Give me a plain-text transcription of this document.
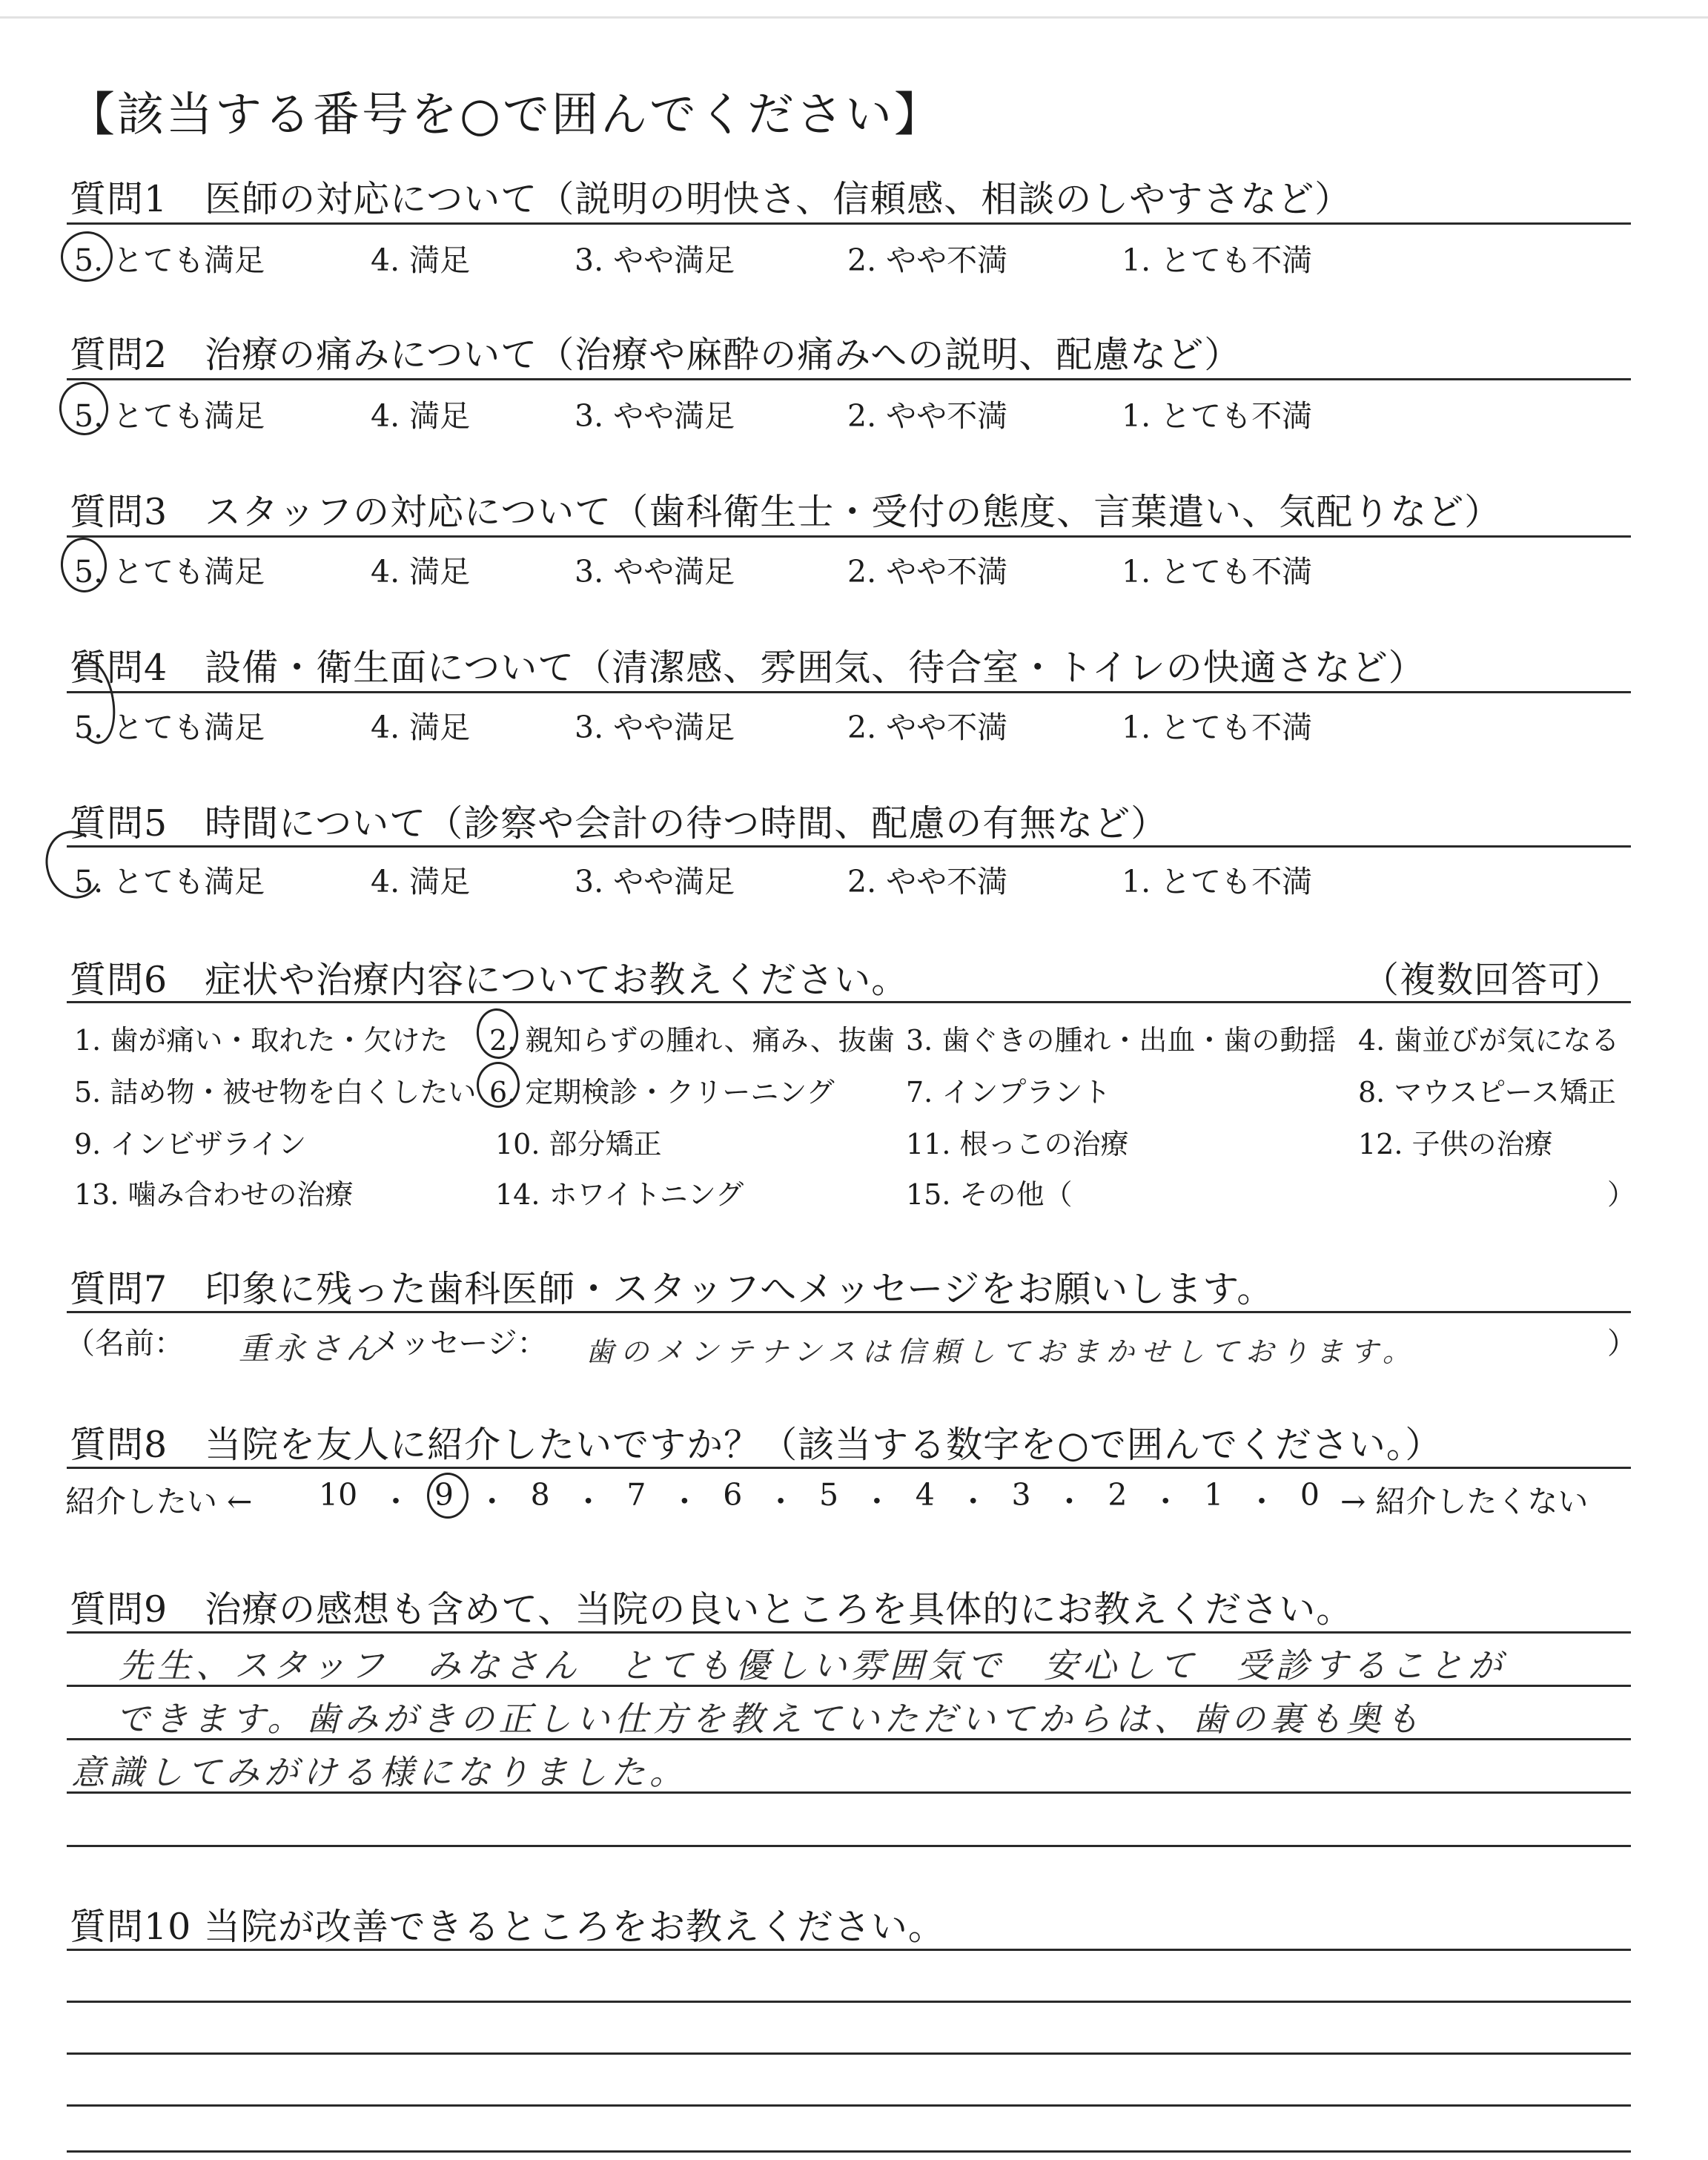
【該当する番号を○で囲んでください】
質問1　医師の対応について（説明の明快さ、信頼感、相談のしやすさなど）
5. とても満足	4. 満足	3. やや満足	2. やや不満	1. とても不満
質問2　治療の痛みについて（治療や麻酔の痛みへの説明、配慮など）
5. とても満足	4. 満足	3. やや満足	2. やや不満	1. とても不満
質問3　スタッフの対応について（歯科衛生士・受付の態度、言葉遣い、気配りなど）
5. とても満足	4. 満足	3. やや満足	2. やや不満	1. とても不満
質問4　設備・衛生面について（清潔感、雰囲気、待合室・トイレの快適さなど）
5. とても満足	4. 満足	3. やや満足	2. やや不満	1. とても不満
質問5　時間について（診察や会計の待つ時間、配慮の有無など）
5. とても満足	4. 満足	3. やや満足	2. やや不満	1. とても不満
質問6　症状や治療内容についてお教えください。	（複数回答可）
1. 歯が痛い・取れた・欠けた 2. 親知らずの腫れ、痛み、抜歯 3. 歯ぐきの腫れ・出血・歯の動揺 4. 歯並びが気になる
5. 詰め物・被せ物を白くしたい 6. 定期検診・クリーニング	7. インプラント	8. マウスピース矯正
9. インビザライン	10. 部分矯正	11. 根っこの治療	12. 子供の治療
13. 噛み合わせの治療	14. ホワイトニング	15. その他（	）
質問7　印象に残った歯科医師・スタッフへメッセージをお願いします。
（名前： 重永さん
メッセージ： 歯のメンテナンスは信頼しておまかせしております。	）
質問8　当院を友人に紹介したいですか？（該当する数字を○で囲んでください。）
紹介したい ← 10 ・ 9 ・ 8 ・ 7 ・ 6 ・ 5 ・ 4 ・ 3 ・ 2 ・ 1 ・ 0 → 紹介したくない
質問9　治療の感想も含めて、当院の良いところを具体的にお教えください。
先生、スタッフ　みなさん　とても優しい雰囲気で　安心して　受診することが
できます。歯みがきの正しい仕方を教えていただいてからは、歯の裏も奥も
意識してみがける様になりました。
質問10 当院が改善できるところをお教えください。
